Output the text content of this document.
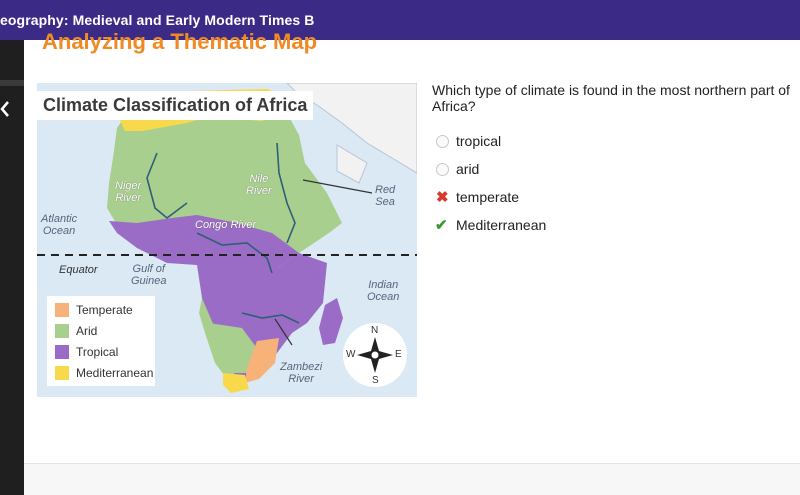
eography: Medieval and Early Modern Times B
Analyzing a Thematic Map
Climate Classification of Africa
Niger
River
Nile
River	Red
Sea
Atlantic
Ocean	Congo River
Equator	Gulf of
Guinea	Indian
Ocean
Zambezi
River
Temperate
Arid
Tropical
Mediterranean
N
S
E
W
Which type of climate is found in the most northern part of Africa?
tropical
arid
✖ temperate
✔ Mediterranean
